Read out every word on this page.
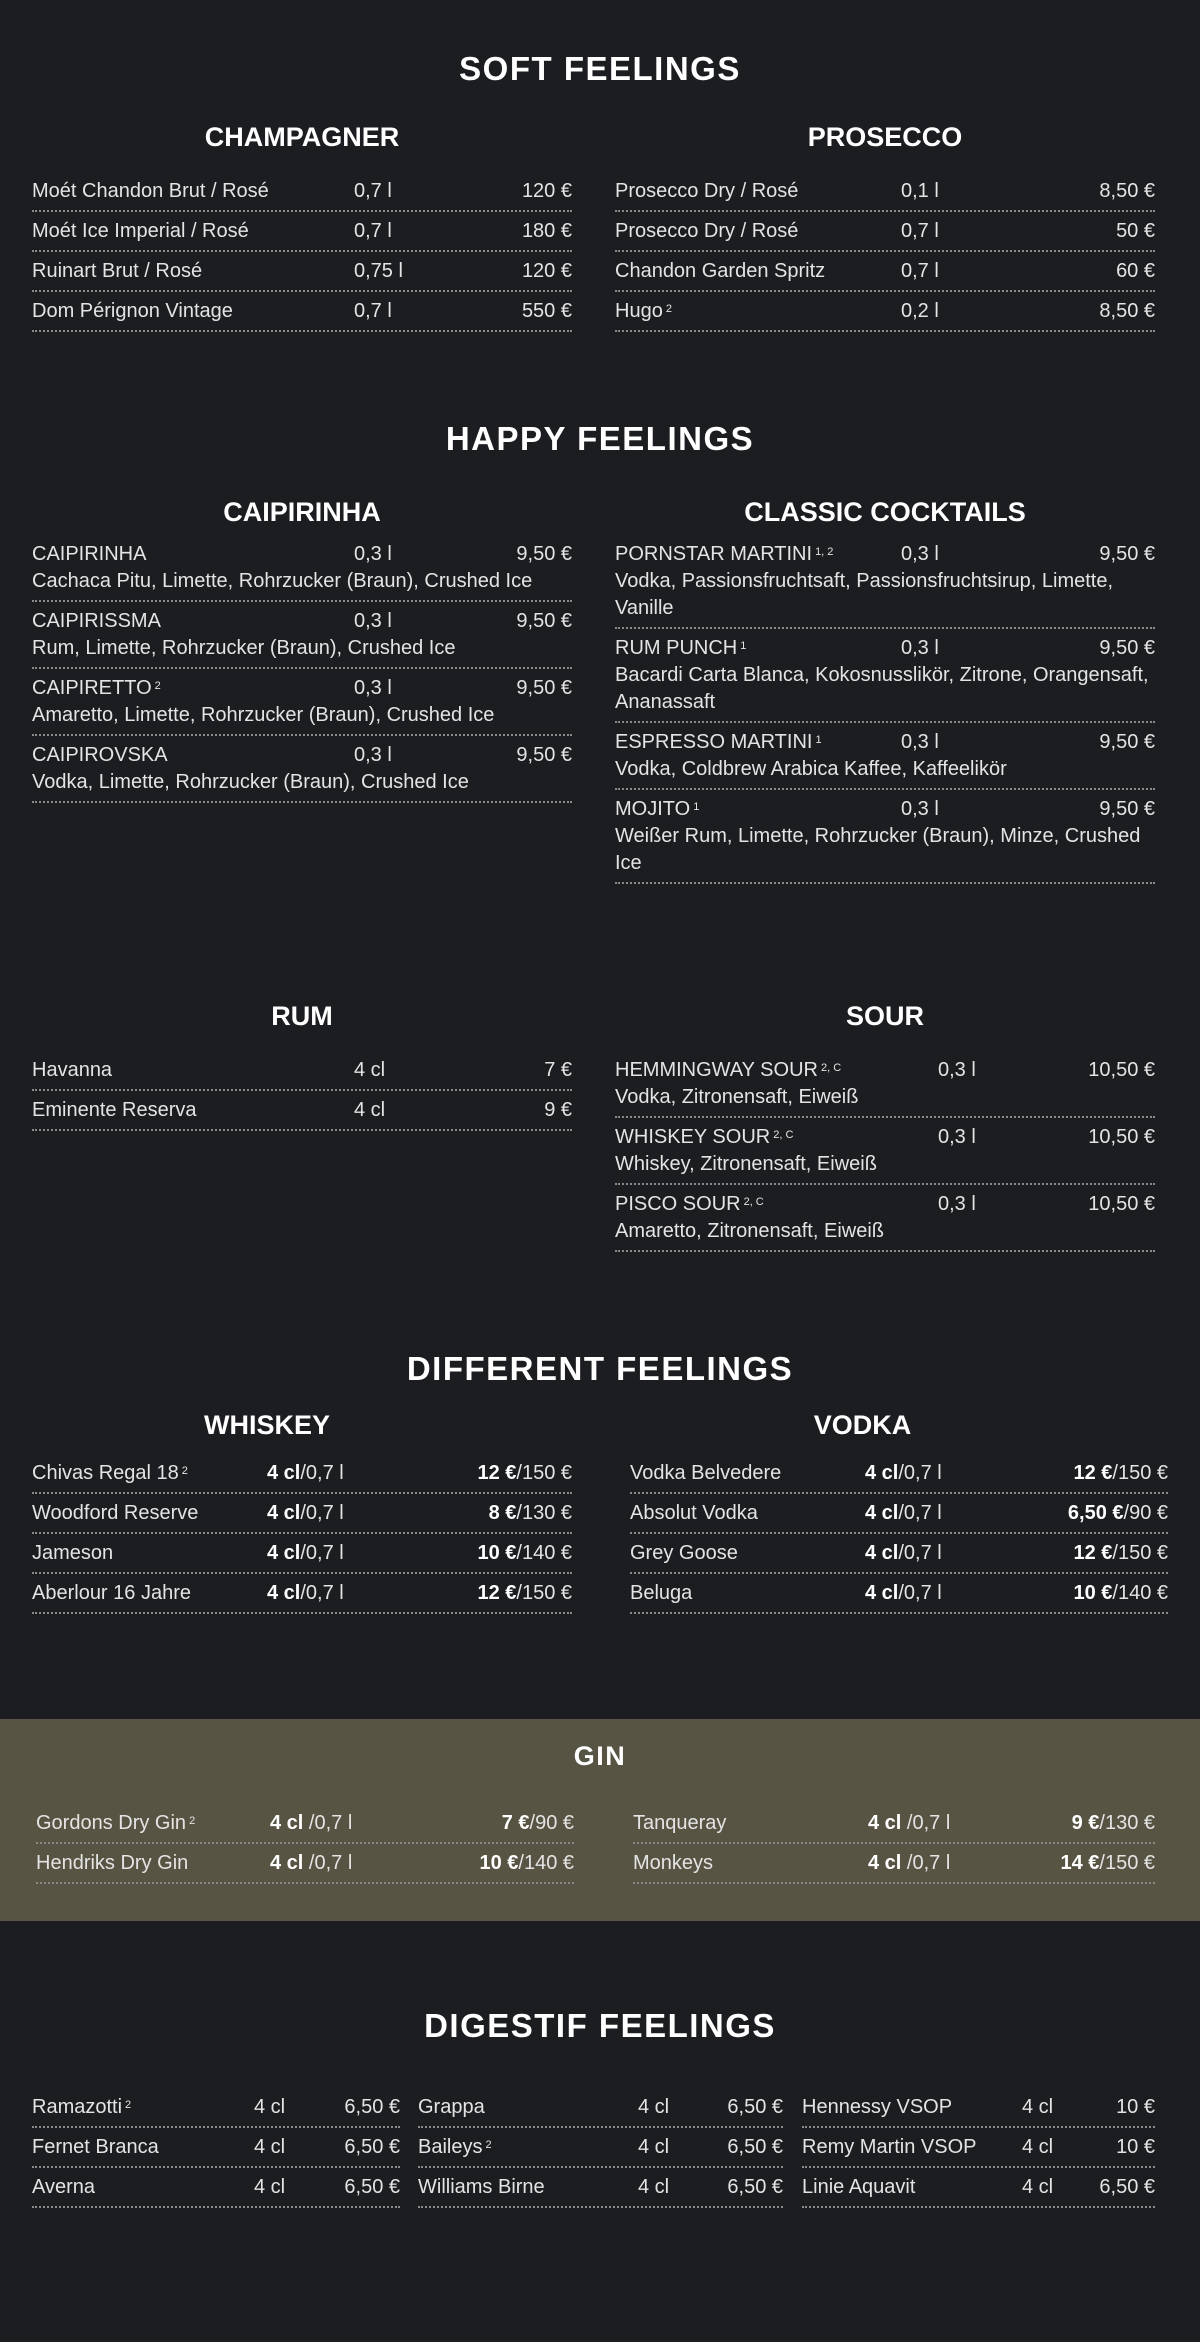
SOFT FEELINGS
CHAMPAGNER	PROSECCO
Moét Chandon Brut / Rosé	0,7 l	120 €
Moét Ice Imperial / Rosé	0,7 l	180 €
Ruinart Brut / Rosé	0,75 l	120 €
Dom Pérignon Vintage	0,7 l	550 €
Prosecco Dry / Rosé	0,1 l	8,50 €
Prosecco Dry / Rosé	0,7 l	50 €
Chandon Garden Spritz	0,7 l	60 €
Hugo $^2$	0,2 l	8,50 €
HAPPY FEELINGS
CAIPIRINHA	CLASSIC COCKTAILS
CAIPIRINHA	0,3 l	9,50 €
Cachaca Pitu, Limette, Rohrzucker (Braun), Crushed Ice
CAIPIRISSMA	0,3 l	9,50 €
Rum, Limette, Rohrzucker (Braun), Crushed Ice
CAIPIRETTO $^2$	0,3 l	9,50 €
Amaretto, Limette, Rohrzucker (Braun), Crushed Ice
CAIPIROVSKA	0,3 l	9,50 €
Vodka, Limette, Rohrzucker (Braun), Crushed Ice
PORNSTAR MARTINI $^{1, 2}$	0,3 l	9,50 €
Vodka, Passionsfruchtsaft, Passionsfruchtsirup, Limette, Vanille
RUM PUNCH $^1$	0,3 l	9,50 €
Bacardi Carta Blanca, Kokosnusslikör, Zitrone, Orangensaft, Ananassaft
ESPRESSO MARTINI $^1$	0,3 l	9,50 €
Vodka, Coldbrew Arabica Kaffee, Kaffeelikör
MOJITO $^1$	0,3 l	9,50 €
Weißer Rum, Limette, Rohrzucker (Braun), Minze, Crushed Ice
RUM	SOUR
Havanna	4 cl	7 €
Eminente Reserva	4 cl	9 €
HEMMINGWAY SOUR $^{2, C}$	0,3 l	10,50 €
Vodka, Zitronensaft, Eiweiß
WHISKEY SOUR $^{2, C}$	0,3 l	10,50 €
Whiskey, Zitronensaft, Eiweiß
PISCO SOUR $^{2, C}$	0,3 l	10,50 €
Amaretto, Zitronensaft, Eiweiß
DIFFERENT FEELINGS
WHISKEY	VODKA
Chivas Regal 18 $^2$	4 cl/0,7 l	12 €/150 €
Woodford Reserve	4 cl/0,7 l	8 €/130 €
Jameson	4 cl/0,7 l	10 €/140 €
Aberlour 16 Jahre	4 cl/0,7 l	12 €/150 €
Vodka Belvedere	4 cl/0,7 l	12 €/150 €
Absolut Vodka	4 cl/0,7 l	6,50 €/90 €
Grey Goose	4 cl/0,7 l	12 €/150 €
Beluga	4 cl/0,7 l	10 €/140 €
GIN
Gordons Dry Gin $^2$	4 cl /0,7 l	7 €/90 €
Hendriks Dry Gin	4 cl /0,7 l	10 €/140 €
Tanqueray	4 cl /0,7 l	9 €/130 €
Monkeys	4 cl /0,7 l	14 €/150 €
DIGESTIF FEELINGS
Ramazotti $^2$	4 cl	6,50 €
Fernet Branca	4 cl	6,50 €
Averna	4 cl	6,50 €
Grappa	4 cl	6,50 €
Baileys $^2$	4 cl	6,50 €
Williams Birne	4 cl	6,50 €
Hennessy VSOP	4 cl	10 €
Remy Martin VSOP	4 cl	10 €
Linie Aquavit	4 cl	6,50 €
